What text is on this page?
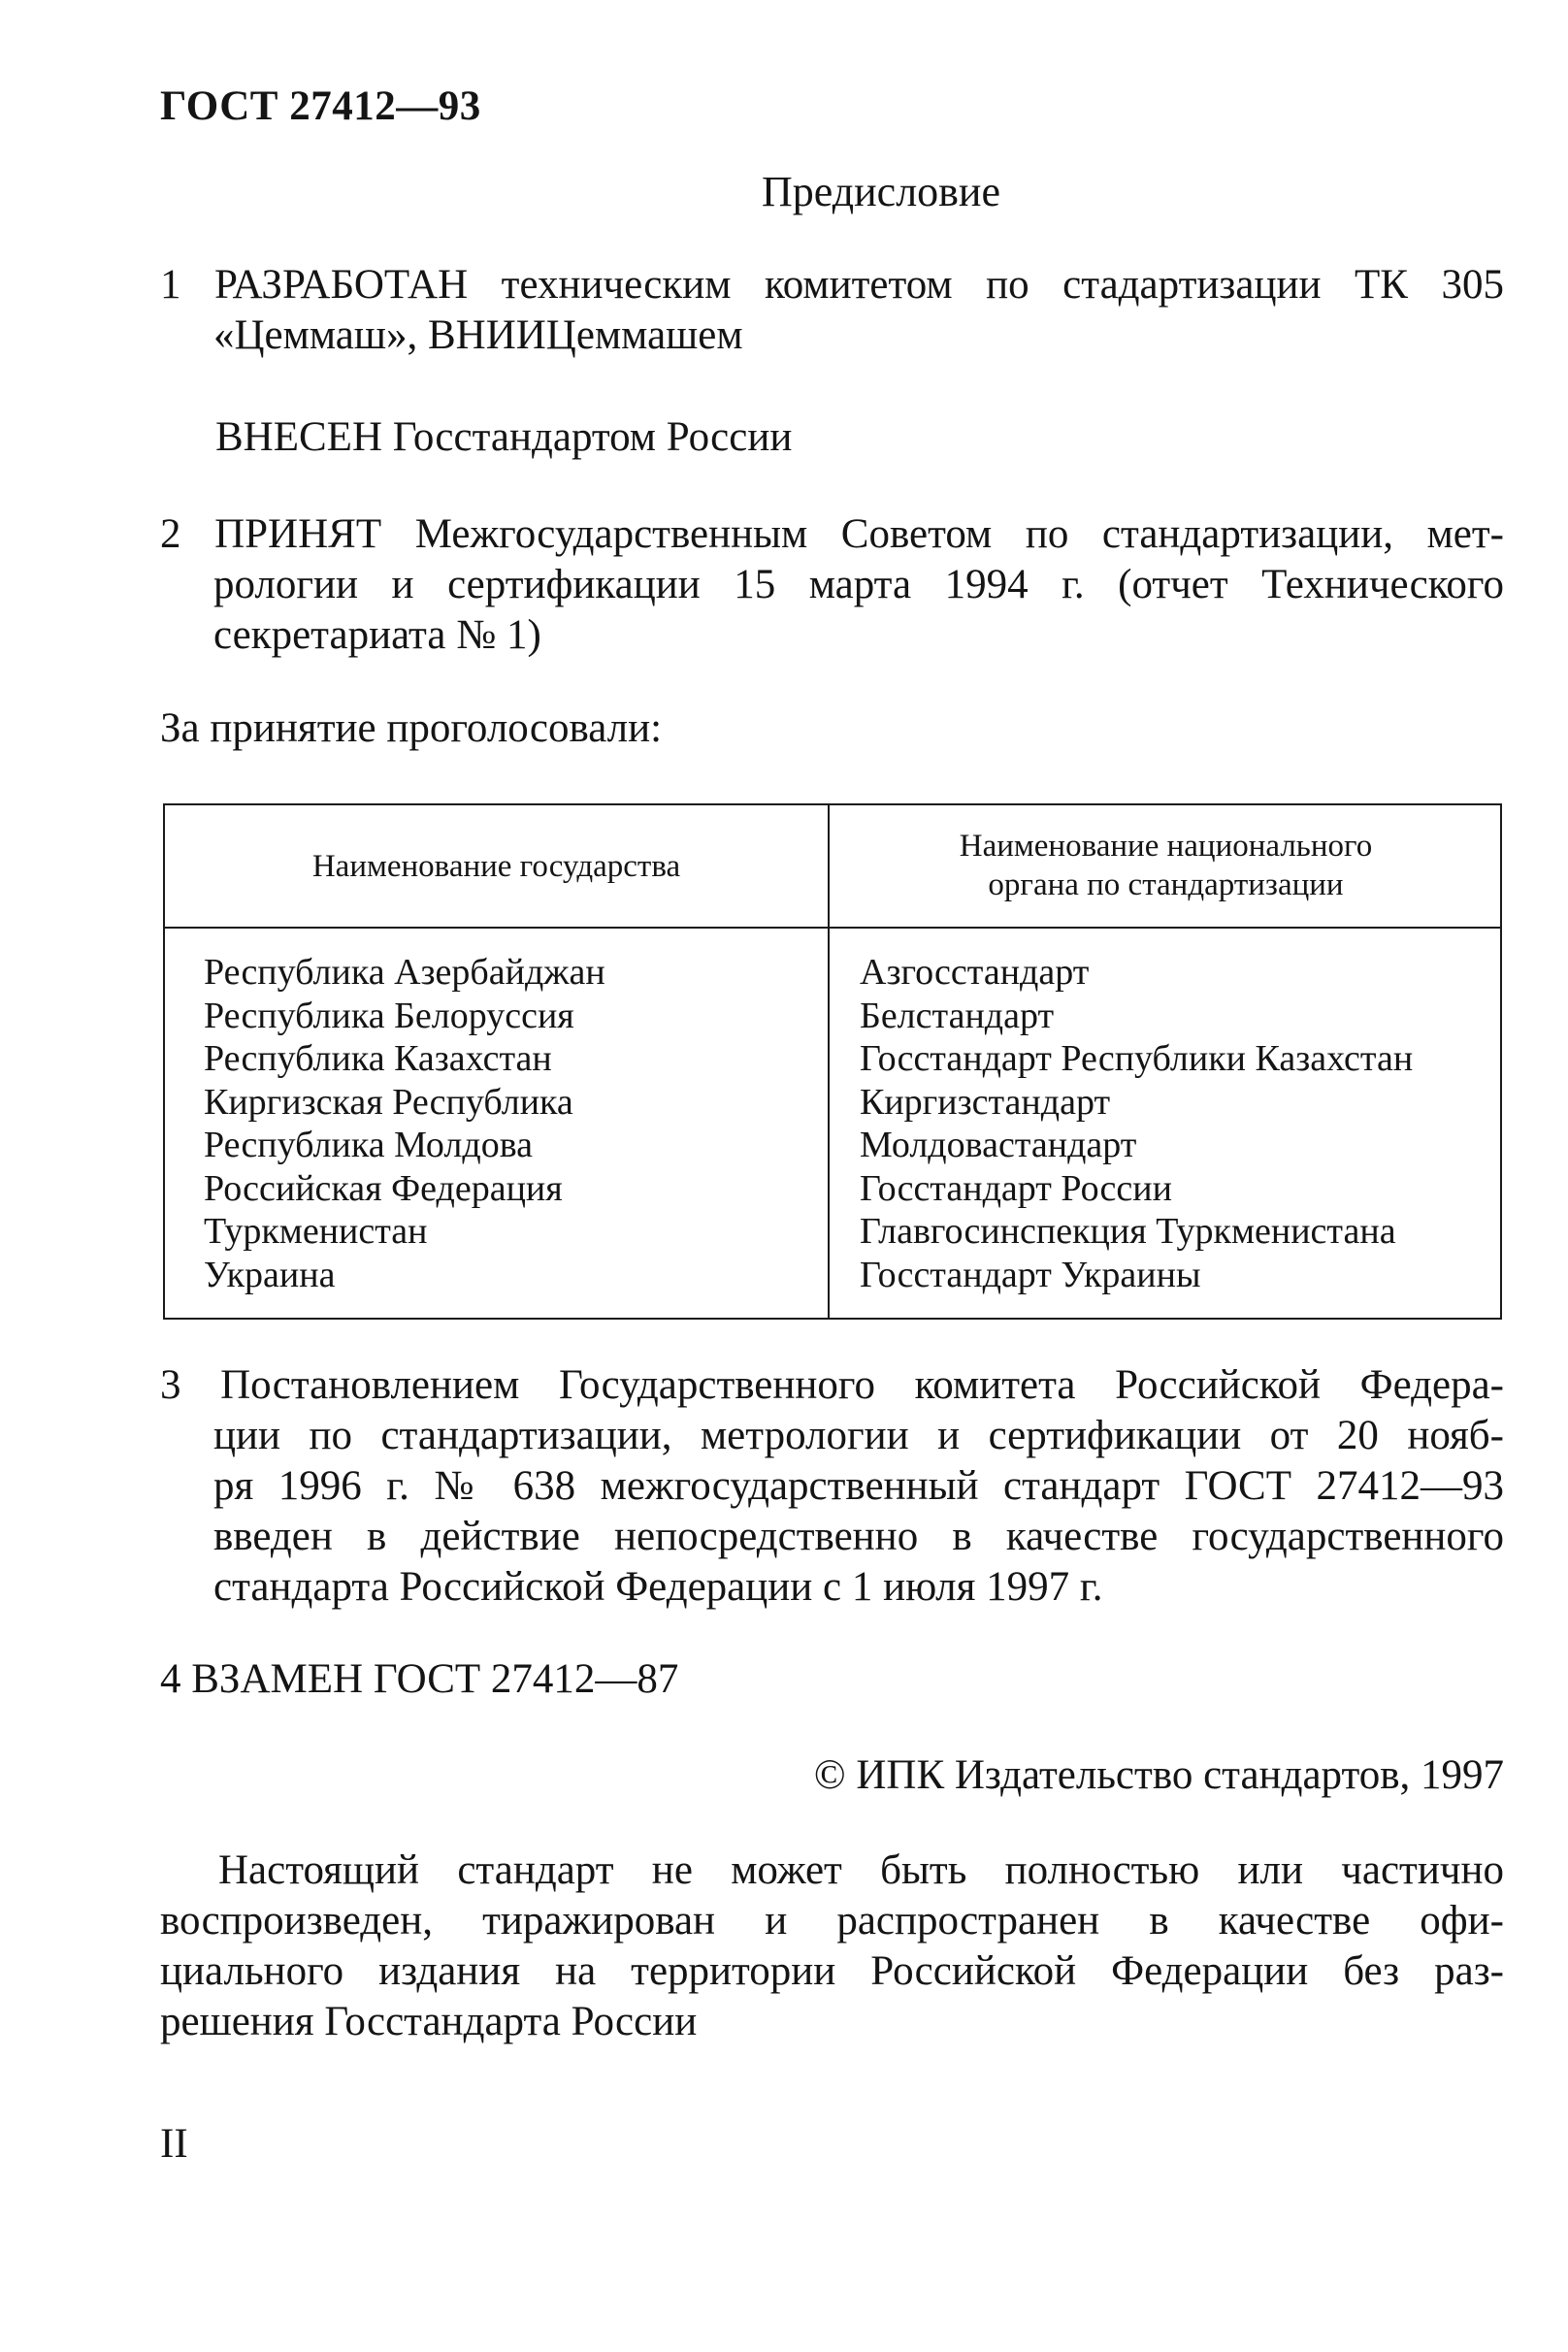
ГОСТ 27412—93
Предисловие
1 РАЗРАБОТАН техническим комитетом по стадартизации ТК 305
«Цеммаш», ВНИИЦеммашем
ВНЕСЕН Госстандартом России
2 ПРИНЯТ Межгосударственным Советом по стандартизации, мет-
рологии и сертификации 15 марта 1994 г. (отчет Технического
секретариата № 1)
За принятие проголосовали:
Наименование государства
Наименование национального
органа по стандартизации
Республика Азербайджан
Республика Белоруссия
Республика Казахстан
Киргизская Республика
Республика Молдова
Российская Федерация
Туркменистан
Украина
Азгосстандарт
Белстандарт
Госстандарт Республики Казахстан
Киргизстандарт
Молдовастандарт
Госстандарт России
Главгосинспекция Туркменистана
Госстандарт Украины
3 Постановлением Государственного комитета Российской Федера-
ции по стандартизации, метрологии и сертификации от 20 нояб-
ря 1996 г. № 638 межгосударственный стандарт ГОСТ 27412—93
введен в действие непосредственно в качестве государственного
стандарта Российской Федерации с 1 июля 1997 г.
4 ВЗАМЕН ГОСТ 27412—87
© ИПК Издательство стандартов, 1997
Настоящий стандарт не может быть полностью или частично
воспроизведен, тиражирован и распространен в качестве офи-
циального издания на территории Российской Федерации без раз-
решения Госстандарта России
II
